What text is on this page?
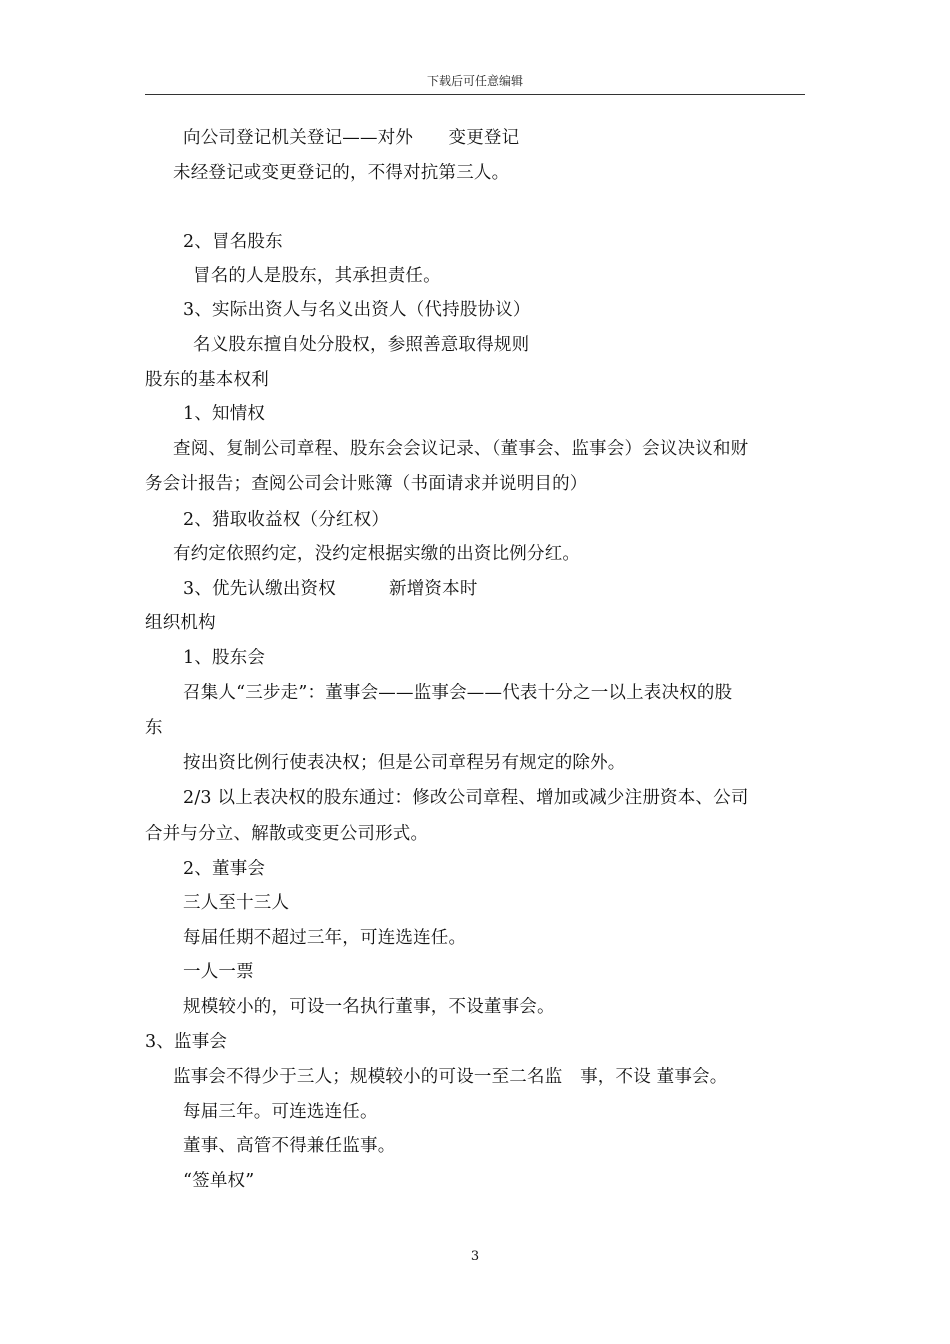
下载后可任意编辑
向公司登记机关登记——对外　　变更登记
未经登记或变更登记的，不得对抗第三人。
2、冒名股东
冒名的人是股东，其承担责任。
3、实际出资人与名义出资人（代持股协议）
名义股东擅自处分股权，参照善意取得规则
股东的基本权利
1、知情权
查阅、复制公司章程、股东会会议记录、（董事会、监事会）会议决议和财
务会计报告；查阅公司会计账簿（书面请求并说明目的）
2、猎取收益权（分红权）
有约定依照约定，没约定根据实缴的出资比例分红。
3、优先认缴出资权　　　新增资本时
组织机构
1、股东会
召集人“三步走”：董事会——监事会——代表十分之一以上表决权的股
东
按出资比例行使表决权；但是公司章程另有规定的除外。
2/3 以上表决权的股东通过：修改公司章程、增加或减少注册资本、公司
合并与分立、解散或变更公司形式。
2、董事会
三人至十三人
每届任期不超过三年，可连选连任。
一人一票
规模较小的，可设一名执行董事，不设董事会。
3、监事会
监事会不得少于三人；规模较小的可设一至二名监　事，不设 董事会。
每届三年。可连选连任。
董事、高管不得兼任监事。
“签单权”
3
